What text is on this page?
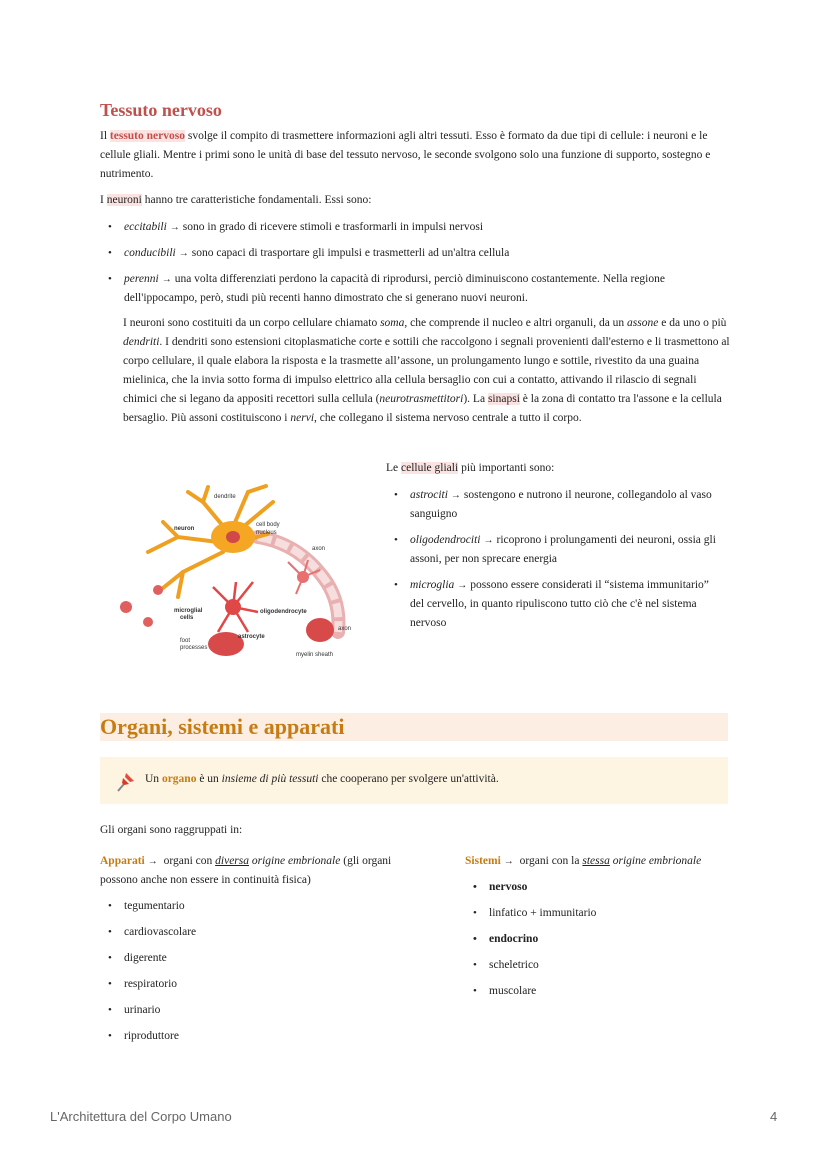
Tessuto nervoso
Il tessuto nervoso svolge il compito di trasmettere informazioni agli altri tessuti. Esso è formato da due tipi di cellule: i neuroni e le cellule gliali. Mentre i primi sono le unità di base del tessuto nervoso, le seconde svolgono solo una funzione di supporto, sostegno e nutrimento.
I neuroni hanno tre caratteristiche fondamentali. Essi sono:
• eccitabili → sono in grado di ricevere stimoli e trasformarli in impulsi nervosi
• conducibili → sono capaci di trasportare gli impulsi e trasmetterli ad un'altra cellula
• perenni → una volta differenziati perdono la capacità di riprodursi, perciò diminuiscono costantemente. Nella regione dell'ippocampo, però, studi più recenti hanno dimostrato che si generano nuovi neuroni.
I neuroni sono costituiti da un corpo cellulare chiamato soma, che comprende il nucleo e altri organuli, da un assone e da uno o più dendriti. I dendriti sono estensioni citoplasmatiche corte e sottili che raccolgono i segnali provenienti dall'esterno e li trasmettono al corpo cellulare, il quale elabora la risposta e la trasmette all’assone, un prolungamento lungo e sottile, rivestito da una guaina mielinica, che la invia sotto forma di impulso elettrico alla cellula bersaglio con cui a contatto, attivando il rilascio di segnali chimici che si legano da appositi recettori sulla cellula (neurotrasmettitori). La sinapsi è la zona di contatto tra l'assone e la cellula bersaglio. Più assoni costituiscono i nervi, che collegano il sistema nervoso centrale a tutto il corpo.
dendrite
neuron
cell body
nucleus
axon
microglial
cells
oligodendrocyte
astrocyte
foot
processes
axon
myelin sheath
Le cellule gliali più importanti sono:
• astrociti → sostengono e nutrono il neurone, collegandolo al vaso sanguigno
• oligodendrociti → ricoprono i prolungamenti dei neuroni, ossia gli assoni, per non sprecare energia
• microglia → possono essere considerati il “sistema immunitario” del cervello, in quanto ripuliscono tutto ciò che c'è nel sistema nervoso
Organi, sistemi e apparati
Un organo è un insieme di più tessuti che cooperano per svolgere un'attività.
Gli organi sono raggruppati in:
Apparati → organi con diversa origine embrionale (gli organi possono anche non essere in continuità fisica)
• tegumentario
• cardiovascolare
• digerente
• respiratorio
• urinario
• riproduttore
Sistemi → organi con la stessa origine embrionale
• nervoso
• linfatico + immunitario
• endocrino
• scheletrico
• muscolare
L'Architettura del Corpo Umano	4
